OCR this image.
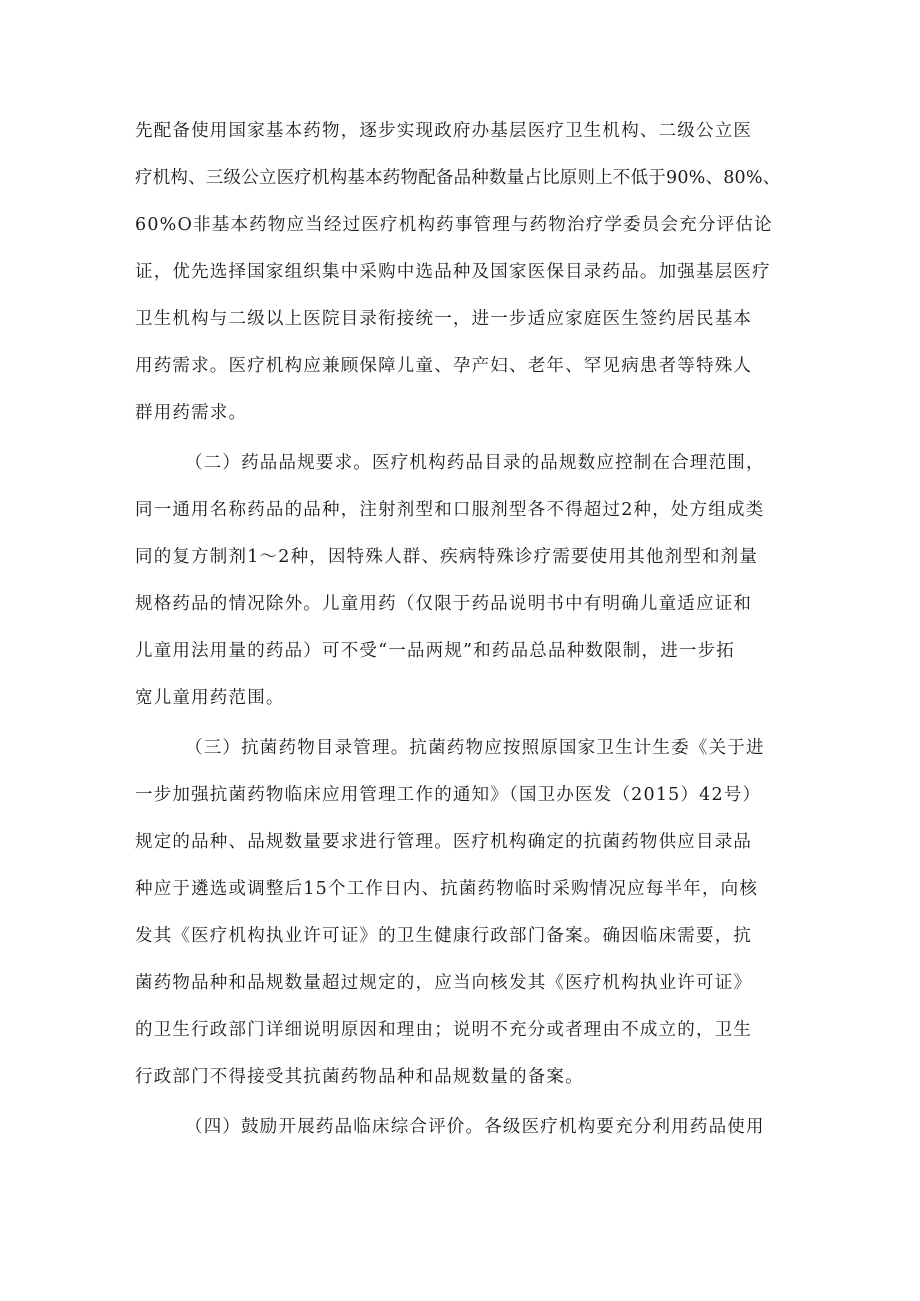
先配备使用国家基本药物，逐步实现政府办基层医疗卫生机构、二级公立医
疗机构、三级公立医疗机构基本药物配备品种数量占比原则上不低于90%、80%、
60%O非基本药物应当经过医疗机构药事管理与药物治疗学委员会充分评估论
证，优先选择国家组织集中采购中选品种及国家医保目录药品。加强基层医疗
卫生机构与二级以上医院目录衔接统一，进一步适应家庭医生签约居民基本
用药需求。医疗机构应兼顾保障儿童、孕产妇、老年、罕见病患者等特殊人
群用药需求。
（二）药品品规要求。医疗机构药品目录的品规数应控制在合理范围，
同一通用名称药品的品种，注射剂型和口服剂型各不得超过2种，处方组成类
同的复方制剂1～2种，因特殊人群、疾病特殊诊疗需要使用其他剂型和剂量
规格药品的情况除外。儿童用药（仅限于药品说明书中有明确儿童适应证和
儿童用法用量的药品）可不受“一品两规”和药品总品种数限制，进一步拓
宽儿童用药范围。
（三）抗菌药物目录管理。抗菌药物应按照原国家卫生计生委《关于进
一步加强抗菌药物临床应用管理工作的通知》（国卫办医发（2015）42号）
规定的品种、品规数量要求进行管理。医疗机构确定的抗菌药物供应目录品
种应于遴选或调整后15个工作日内、抗菌药物临时采购情况应每半年，向核
发其《医疗机构执业许可证》的卫生健康行政部门备案。确因临床需要，抗
菌药物品种和品规数量超过规定的，应当向核发其《医疗机构执业许可证》
的卫生行政部门详细说明原因和理由；说明不充分或者理由不成立的，卫生
行政部门不得接受其抗菌药物品种和品规数量的备案。
（四）鼓励开展药品临床综合评价。各级医疗机构要充分利用药品使用
